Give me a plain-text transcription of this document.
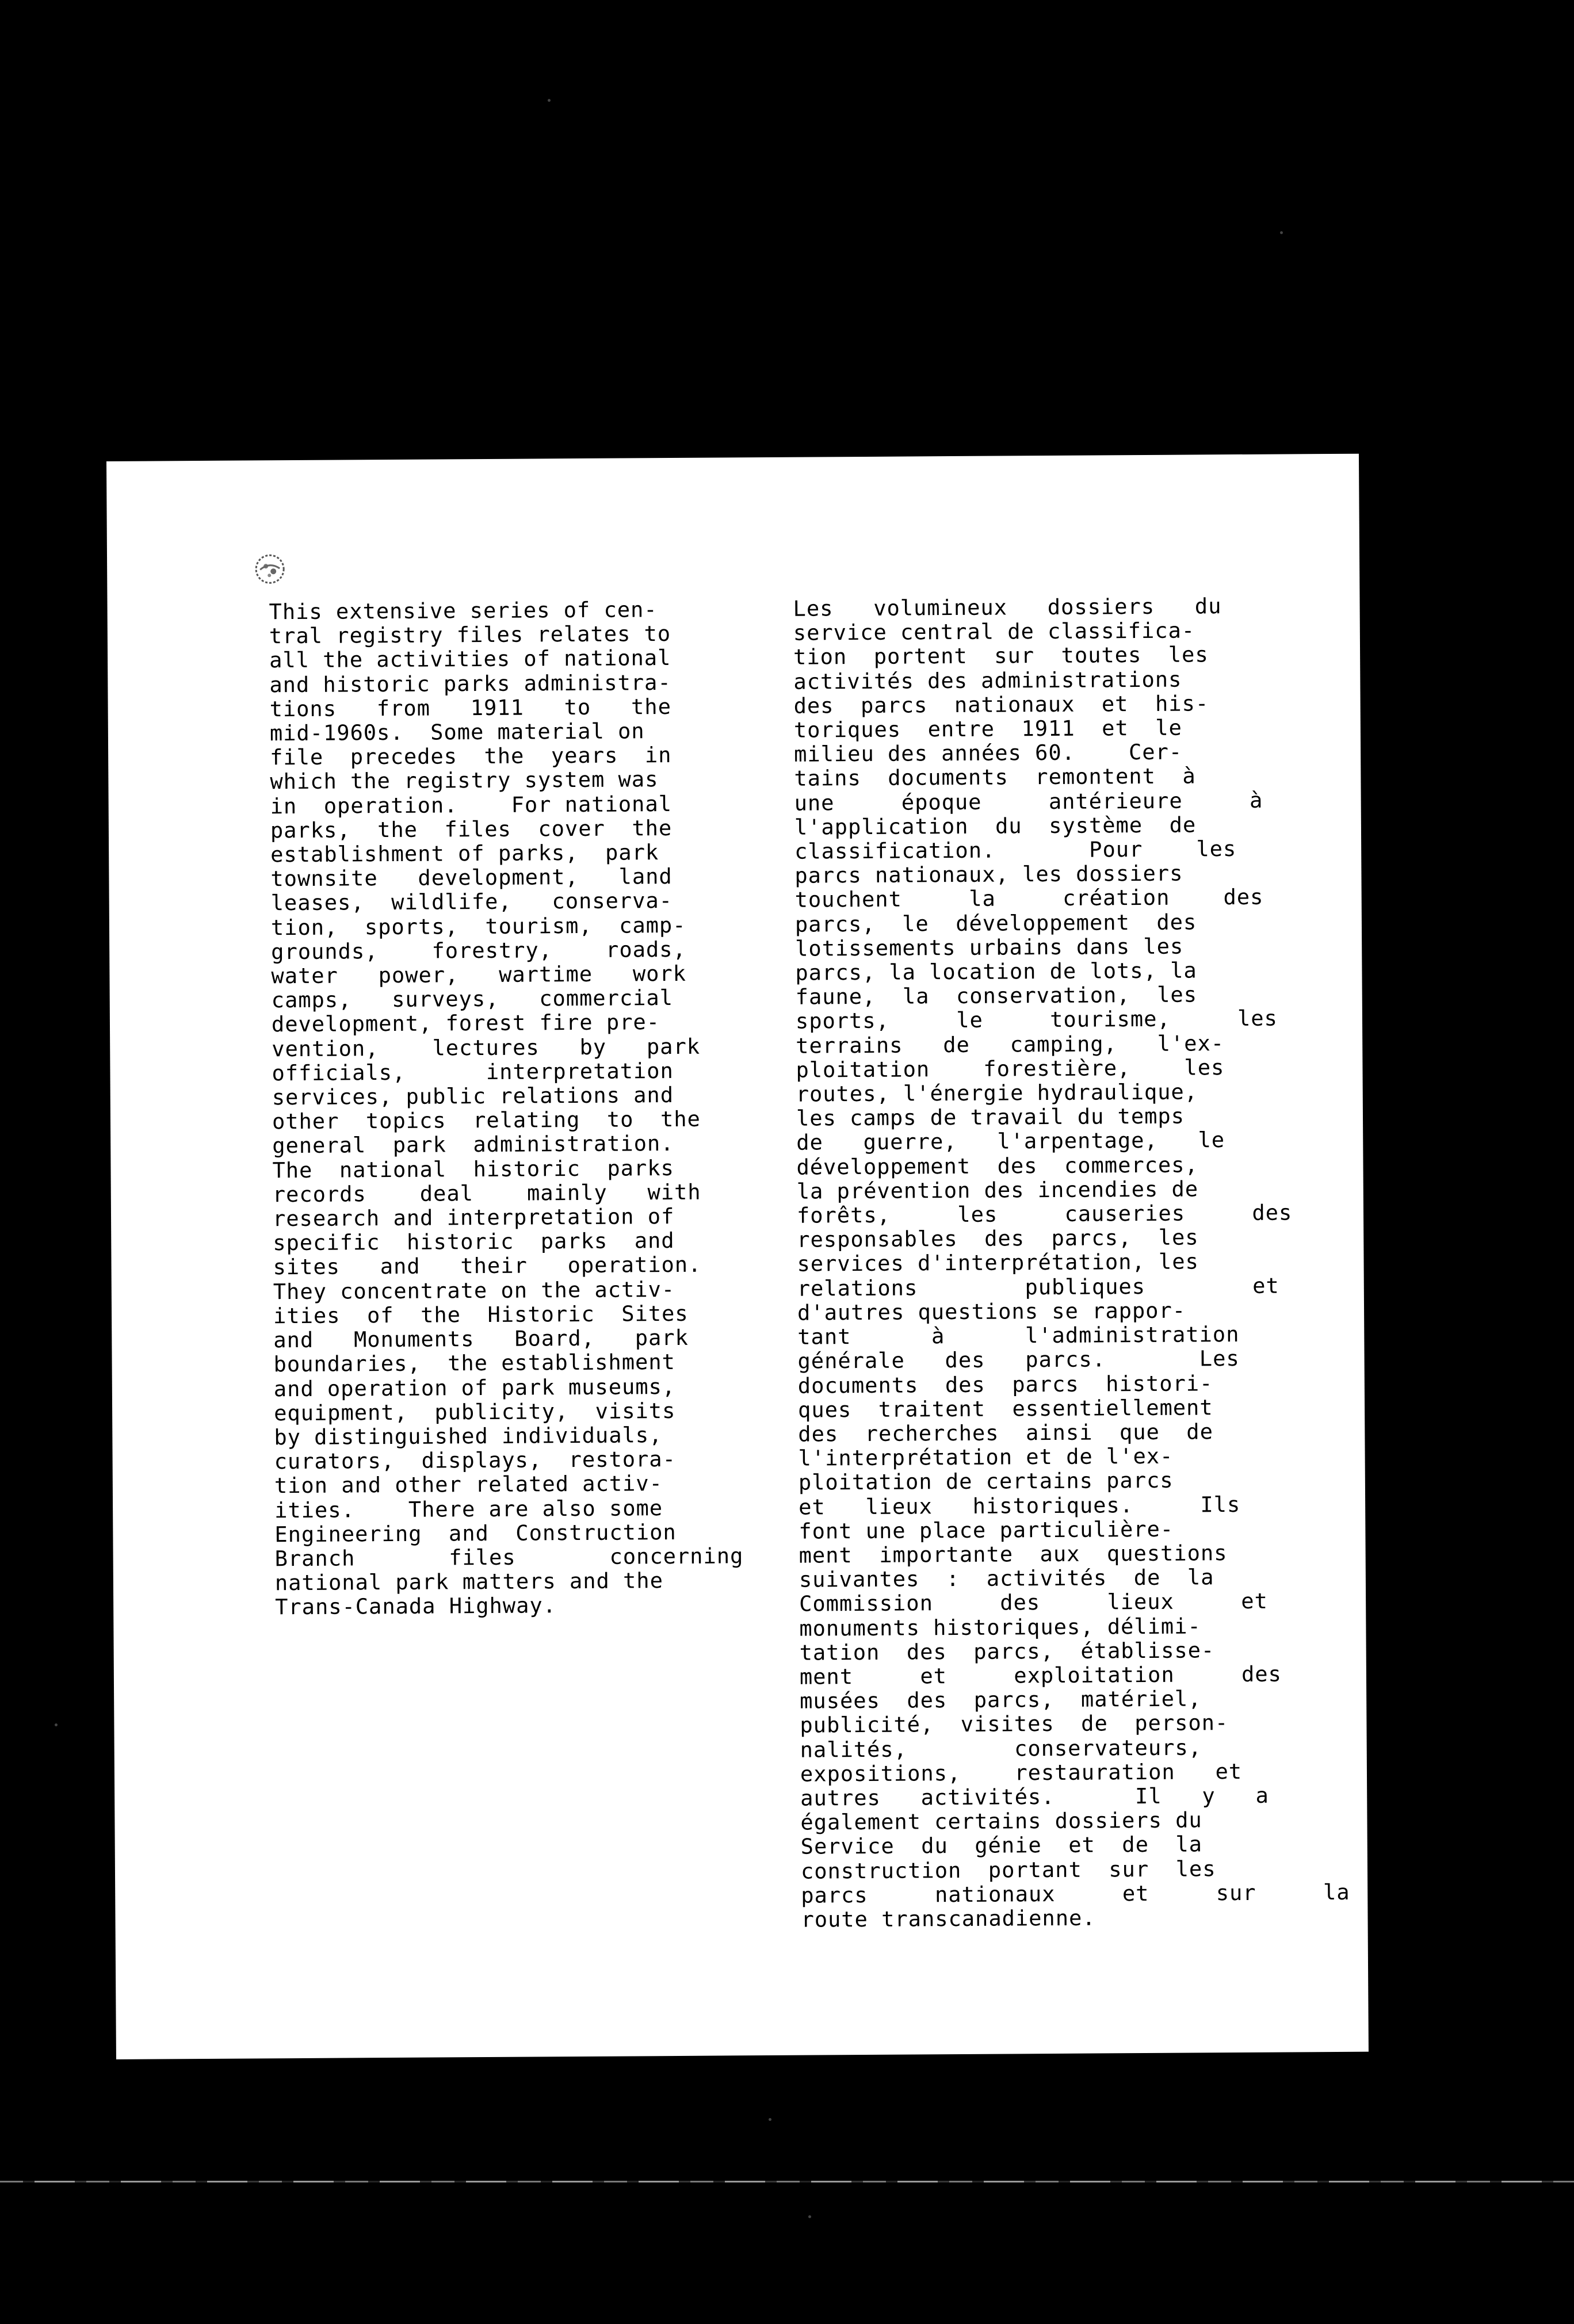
This extensive series of cen-
tral registry files relates to
all the activities of national
and historic parks administra-
tions   from   1911   to   the
mid-1960s.  Some material on
file  precedes  the  years  in
which the registry system was
in  operation.    For national
parks,  the  files  cover  the
establishment of parks,  park
townsite   development,   land
leases,  wildlife,   conserva-
tion,  sports,  tourism,  camp-
grounds,    forestry,    roads,
water   power,   wartime   work
camps,   surveys,   commercial
development, forest fire pre-
vention,    lectures   by   park
officials,      interpretation
services, public relations and
other  topics  relating  to  the
general  park  administration.
The  national  historic  parks
records    deal    mainly   with
research and interpretation of
specific  historic  parks  and
sites   and   their   operation.
They concentrate on the activ-
ities  of  the  Historic  Sites
and   Monuments   Board,   park
boundaries,  the establishment
and operation of park museums,
equipment,  publicity,  visits
by distinguished individuals,
curators,  displays,  restora-
tion and other related activ-
ities.    There are also some
Engineering  and  Construction
Branch       files       concerning
national park matters and the
Trans-Canada Highway.

Les   volumineux   dossiers   du
service central de classifica-
tion  portent  sur  toutes  les
activités des administrations
des  parcs  nationaux  et  his-
toriques  entre  1911  et  le
milieu des années 60.    Cer-
tains  documents  remontent  à
une     époque     antérieure     à
l'application  du  système  de
classification.       Pour    les
parcs nationaux, les dossiers
touchent     la     création    des
parcs,  le  développement  des
lotissements urbains dans les
parcs, la location de lots, la
faune,  la  conservation,  les
sports,     le     tourisme,     les
terrains   de   camping,   l'ex-
ploitation    forestière,    les
routes, l'énergie hydraulique,
les camps de travail du temps
de   guerre,   l'arpentage,   le
développement  des  commerces,
la prévention des incendies de
forêts,     les     causeries     des
responsables  des  parcs,  les
services d'interprétation, les
relations        publiques        et
d'autres questions se rappor-
tant      à      l'administration
générale   des   parcs.       Les
documents  des  parcs  histori-
ques  traitent  essentiellement
des  recherches  ainsi  que  de
l'interprétation et de l'ex-
ploitation de certains parcs
et   lieux   historiques.     Ils
font une place particulière-
ment  importante  aux  questions
suivantes  :  activités  de  la
Commission     des     lieux     et
monuments historiques, délimi-
tation  des  parcs,  établisse-
ment     et     exploitation     des
musées  des  parcs,  matériel,
publicité,  visites  de  person-
nalités,        conservateurs,
expositions,    restauration   et
autres   activités.      Il   y   a
également certains dossiers du
Service  du  génie  et  de  la
construction  portant  sur  les
parcs     nationaux     et     sur     la
route transcanadienne.
